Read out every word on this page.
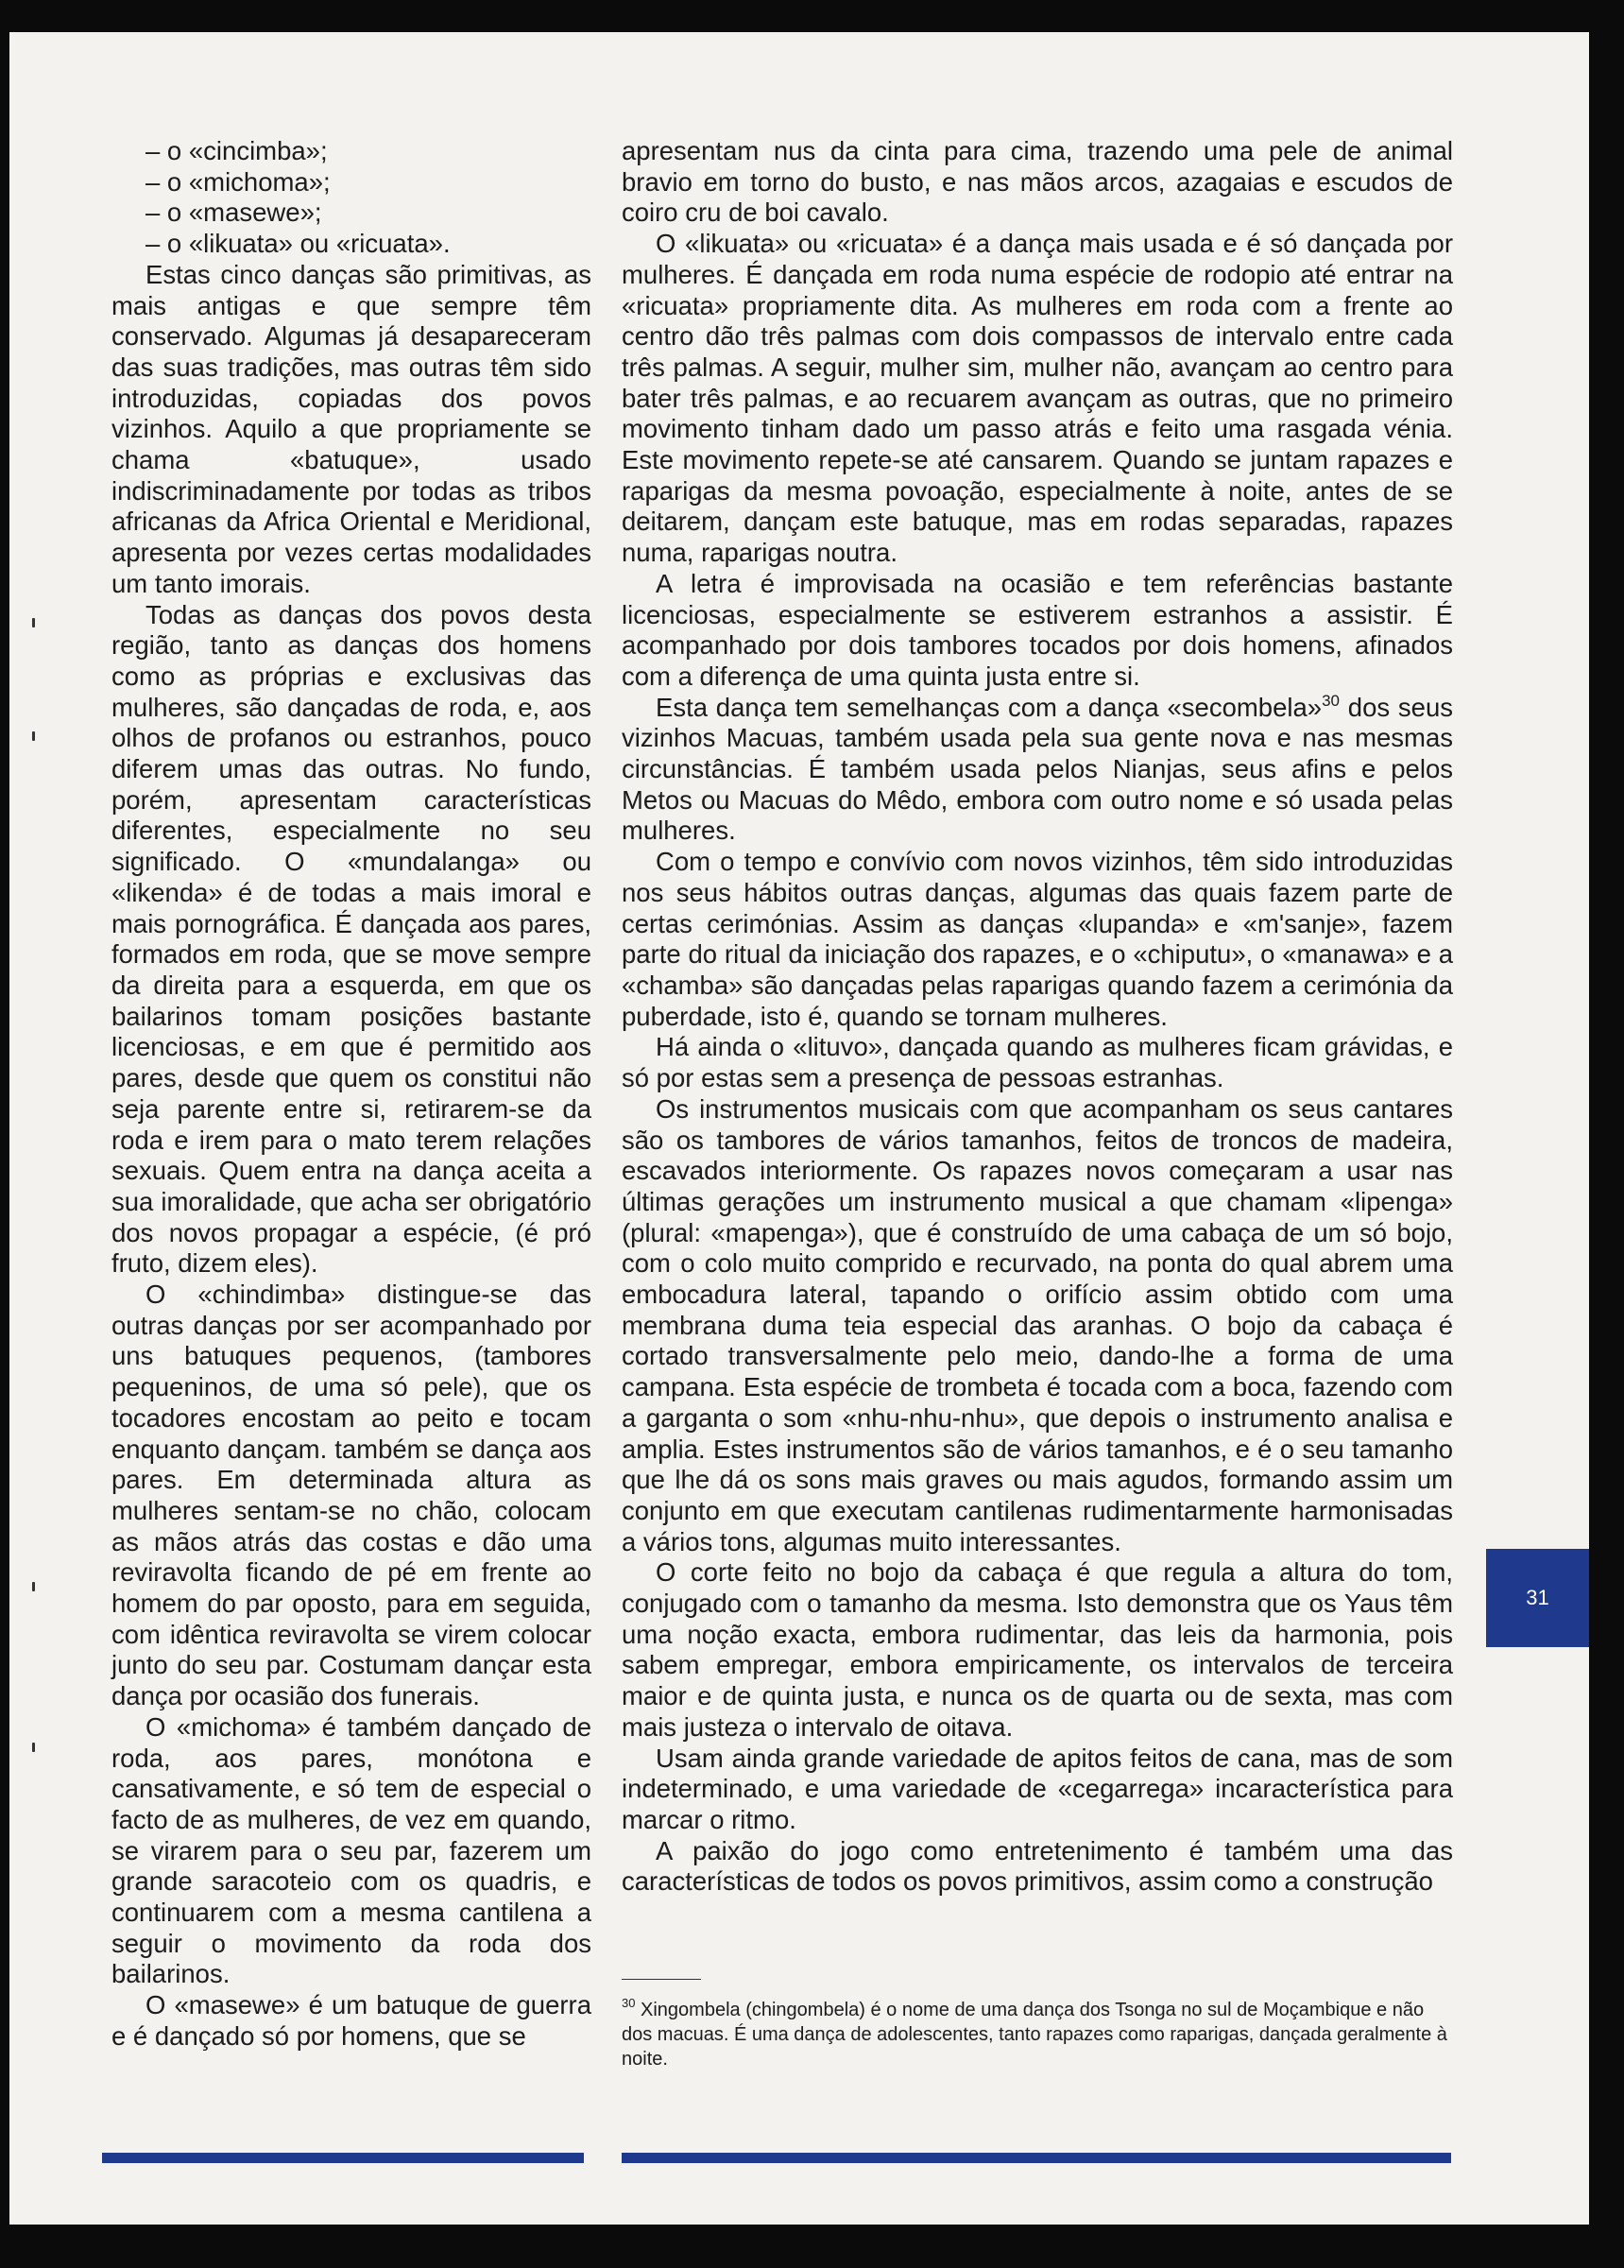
– o «cincimba»;

– o «michoma»;

– o «masewe»;

– o «likuata» ou «ricuata».

Estas cinco danças são primitivas, as mais antigas e que sempre têm conservado. Algumas já desapareceram das suas tradições, mas outras têm sido introduzidas, copiadas dos povos vizinhos. Aquilo a que propriamente se chama «batuque», usado indiscriminadamente por todas as tribos africanas da Africa Oriental e Meridional, apresenta por vezes certas modalidades um tanto imorais.

Todas as danças dos povos desta região, tanto as danças dos homens como as próprias e exclusivas das mulheres, são dançadas de roda, e, aos olhos de profanos ou estranhos, pouco diferem umas das outras. No fundo, porém, apresentam características diferentes, especialmente no seu significado. O «mundalanga» ou «likenda» é de todas a mais imoral e mais pornográfica. É dançada aos pares, formados em roda, que se move sempre da direita para a esquerda, em que os bailarinos tomam posições bastante licenciosas, e em que é permitido aos pares, desde que quem os constitui não seja parente entre si, retirarem-se da roda e irem para o mato terem relações sexuais. Quem entra na dança aceita a sua imoralidade, que acha ser obrigatório dos novos propagar a espécie, (é pró fruto, dizem eles).

O «chindimba» distingue-se das outras danças por ser acompanhado por uns batuques pequenos, (tambores pequeninos, de uma só pele), que os tocadores encostam ao peito e tocam enquanto dançam. também se dança aos pares. Em determinada altura as mulheres sentam-se no chão, colocam as mãos atrás das costas e dão uma reviravolta ficando de pé em frente ao homem do par oposto, para em seguida, com idêntica reviravolta se virem colocar junto do seu par. Costumam dançar esta dança por ocasião dos funerais.

O «michoma» é também dançado de roda, aos pares, monótona e cansativamente, e só tem de especial o facto de as mulheres, de vez em quando, se virarem para o seu par, fazerem um grande saracoteio com os quadris, e continuarem com a mesma cantilena a seguir o movimento da roda dos bailarinos.

O «masewe» é um batuque de guerra e é dançado só por homens, que se

apresentam nus da cinta para cima, trazendo uma pele de animal bravio em torno do busto, e nas mãos arcos, azagaias e escudos de coiro cru de boi cavalo.

O «likuata» ou «ricuata» é a dança mais usada e é só dançada por mulheres. É dançada em roda numa espécie de rodopio até entrar na «ricuata» propriamente dita. As mulheres em roda com a frente ao centro dão três palmas com dois compassos de intervalo entre cada três palmas. A seguir, mulher sim, mulher não, avançam ao centro para bater três palmas, e ao recuarem avançam as outras, que no primeiro movimento tinham dado um passo atrás e feito uma rasgada vénia. Este movimento repete-se até cansarem. Quando se juntam rapazes e raparigas da mesma povoação, especialmente à noite, antes de se deitarem, dançam este batuque, mas em rodas separadas, rapazes numa, raparigas noutra.

A letra é improvisada na ocasião e tem referências bastante licenciosas, especialmente se estiverem estranhos a assistir. É acompanhado por dois tambores tocados por dois homens, afinados com a diferença de uma quinta justa entre si.

Esta dança tem semelhanças com a dança «secombela»$^{30}$ dos seus vizinhos Macuas, também usada pela sua gente nova e nas mesmas circunstâncias. É também usada pelos Nianjas, seus afins e pelos Metos ou Macuas do Mêdo, embora com outro nome e só usada pelas mulheres.

Com o tempo e convívio com novos vizinhos, têm sido introduzidas nos seus hábitos outras danças, algumas das quais fazem parte de certas cerimónias. Assim as danças «lupanda» e «m'sanje», fazem parte do ritual da iniciação dos rapazes, e o «chiputu», o «manawa» e a «chamba» são dançadas pelas raparigas quando fazem a cerimónia da puberdade, isto é, quando se tornam mulheres.

Há ainda o «lituvo», dançada quando as mulheres ficam grávidas, e só por estas sem a presença de pessoas estranhas.

Os instrumentos musicais com que acompanham os seus cantares são os tambores de vários tamanhos, feitos de troncos de madeira, escavados interiormente. Os rapazes novos começaram a usar nas últimas gerações um instrumento musical a que chamam «lipenga» (plural: «mapenga»), que é construído de uma cabaça de um só bojo, com o colo muito comprido e recurvado, na ponta do qual abrem uma embocadura lateral, tapando o orifício assim obtido com uma membrana duma teia especial das aranhas. O bojo da cabaça é cortado transversalmente pelo meio, dando-lhe a forma de uma campana. Esta espécie de trombeta é tocada com a boca, fazendo com a garganta o som «nhu-nhu-nhu», que depois o instrumento analisa e amplia. Estes instrumentos são de vários tamanhos, e é o seu tamanho que lhe dá os sons mais graves ou mais agudos, formando assim um conjunto em que executam cantilenas rudimentarmente harmonisadas a vários tons, algumas muito interessantes.

O corte feito no bojo da cabaça é que regula a altura do tom, conjugado com o tamanho da mesma. Isto demonstra que os Yaus têm uma noção exacta, embora rudimentar, das leis da harmonia, pois sabem empregar, embora empiricamente, os intervalos de terceira maior e de quinta justa, e nunca os de quarta ou de sexta, mas com mais justeza o intervalo de oitava.

Usam ainda grande variedade de apitos feitos de cana, mas de som indeterminado, e uma variedade de «cegarrega» incaracterística para marcar o ritmo.

A paixão do jogo como entretenimento é também uma das características de todos os povos primitivos, assim como a construção

$^{30}$ Xingombela (chingombela) é o nome de uma dança dos Tsonga no sul de Moçambique e não dos macuas. É uma dança de adolescentes, tanto rapazes como raparigas, dançada geralmente à noite.
31
